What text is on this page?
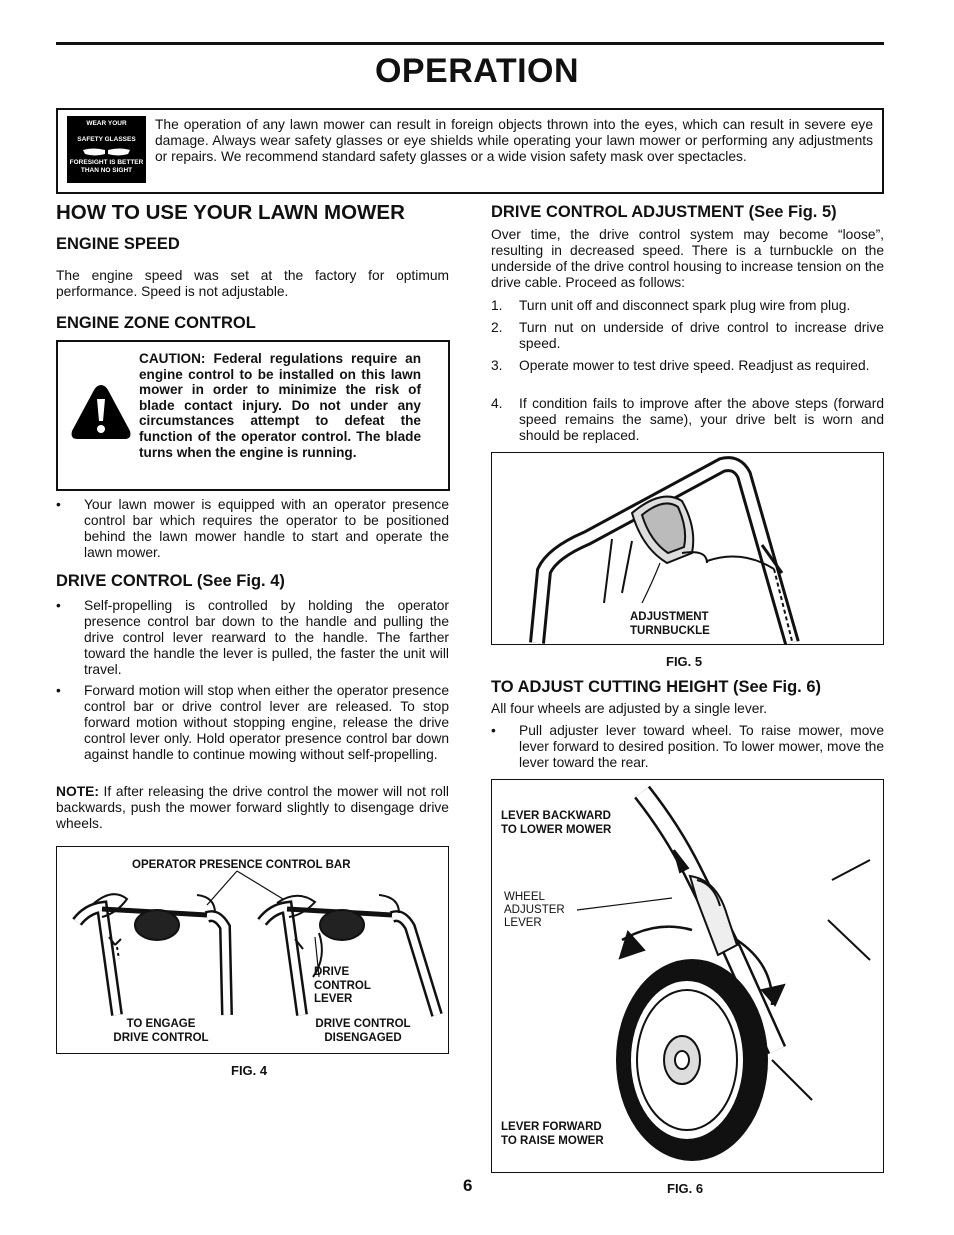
OPERATION
WEAR YOUR
SAFETY GLASSES
FORESIGHT IS BETTER
THAN NO SIGHT
The operation of any lawn mower can result in foreign objects thrown into the eyes, which can result in severe eye damage. Always wear safety glasses or eye shields while operating your lawn mower or performing any adjustments or repairs. We recommend standard safety glasses or a wide vision safety mask over spectacles.
HOW TO USE YOUR LAWN MOWER
ENGINE SPEED
The engine speed was set at the factory for optimum performance. Speed is not adjustable.
ENGINE ZONE CONTROL
CAUTION: Federal regulations require an engine control to be installed on this lawn mower in order to minimize the risk of blade contact injury. Do not under any circumstances attempt to defeat the function of the operator control. The blade turns when the engine is running.
• Your lawn mower is equipped with an operator presence control bar which requires the operator to be positioned behind the lawn mower handle to start and operate the lawn mower.
DRIVE CONTROL (See Fig. 4)
• Self-propelling is controlled by holding the operator presence control bar down to the handle and pulling the drive control lever rearward to the handle. The farther toward the handle the lever is pulled, the faster the unit will travel.
• Forward motion will stop when either the operator presence control bar or drive control lever are released. To stop forward motion without stopping engine, release the drive control lever only. Hold operator presence control bar down against handle to continue mowing without self-propelling.
NOTE: If after releasing the drive control the mower will not roll backwards, push the mower forward slightly to disengage drive wheels.
OPERATOR PRESENCE CONTROL BAR
DRIVE
CONTROL
LEVER
TO ENGAGE
DRIVE CONTROL
DRIVE CONTROL
DISENGAGED
FIG. 4
DRIVE CONTROL ADJUSTMENT (See Fig. 5)
Over time, the drive control system may become “loose”, resulting in decreased speed. There is a turnbuckle on the underside of the drive control housing to increase tension on the drive cable. Proceed as follows:
1. Turn unit off and disconnect spark plug wire from plug.
2. Turn nut on underside of drive control to increase drive speed.
3. Operate mower to test drive speed. Readjust as required.
4. If condition fails to improve after the above steps (forward speed remains the same), your drive belt is worn and should be replaced.
ADJUSTMENT
TURNBUCKLE
FIG. 5
TO ADJUST CUTTING HEIGHT (See Fig. 6)
All four wheels are adjusted by a single lever.
• Pull adjuster lever toward wheel. To raise mower, move lever forward to desired position. To lower mower, move the lever toward the rear.
LEVER BACKWARD
TO LOWER MOWER
WHEEL
ADJUSTER
LEVER
LEVER FORWARD
TO RAISE MOWER
FIG. 6
6
